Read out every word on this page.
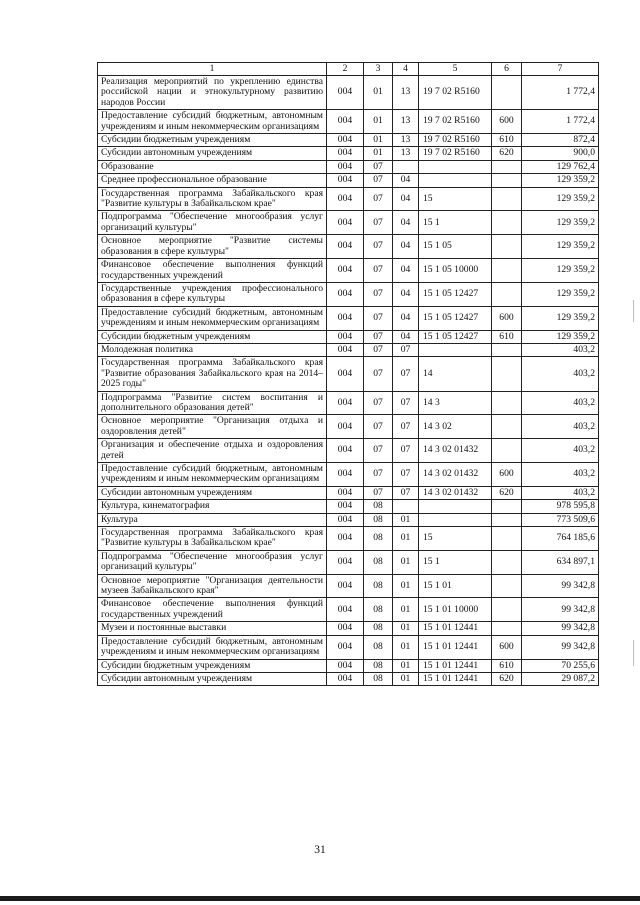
1	2	3	4	5	6	7
Реализация мероприятий по укреплению единства российской нации и этнокультурному развитию народов России	004	01	13	19 7 02 R5160		1 772,4
Предоставление субсидий бюджетным, автономным учреждениям и иным некоммерческим организациям	004	01	13	19 7 02 R5160	600	1 772,4
Субсидии бюджетным учреждениям	004	01	13	19 7 02 R5160	610	872,4
Субсидии автономным учреждениям	004	01	13	19 7 02 R5160	620	900,0
Образование	004	07				129 762,4
Среднее профессиональное образование	004	07	04			129 359,2
Государственная программа Забайкальского края "Развитие культуры в Забайкальском крае"	004	07	04	15		129 359,2
Подпрограмма "Обеспечение многообразия услуг организаций культуры"	004	07	04	15 1		129 359,2
Основное мероприятие "Развитие системы образования в сфере культуры"	004	07	04	15 1 05		129 359,2
Финансовое обеспечение выполнения функций государственных учреждений	004	07	04	15 1 05 10000		129 359,2
Государственные учреждения профессионального образования в сфере культуры	004	07	04	15 1 05 12427		129 359,2
Предоставление субсидий бюджетным, автономным учреждениям и иным некоммерческим организациям	004	07	04	15 1 05 12427	600	129 359,2
Субсидии бюджетным учреждениям	004	07	04	15 1 05 12427	610	129 359,2
Молодежная политика	004	07	07			403,2
Государственная программа Забайкальского края "Развитие образования Забайкальского края на 2014–2025 годы"	004	07	07	14		403,2
Подпрограмма "Развитие систем воспитания и дополнительного образования детей"	004	07	07	14 3		403,2
Основное мероприятие "Организация отдыха и оздоровления детей"	004	07	07	14 3 02		403,2
Организация и обеспечение отдыха и оздоровления детей	004	07	07	14 3 02 01432		403,2
Предоставление субсидий бюджетным, автономным учреждениям и иным некоммерческим организациям	004	07	07	14 3 02 01432	600	403,2
Субсидии автономным учреждениям	004	07	07	14 3 02 01432	620	403,2
Культура, кинематография	004	08				978 595,8
Культура	004	08	01			773 509,6
Государственная программа Забайкальского края "Развитие культуры в Забайкальском крае"	004	08	01	15		764 185,6
Подпрограмма "Обеспечение многообразия услуг организаций культуры"	004	08	01	15 1		634 897,1
Основное мероприятие "Организация деятельности музеев Забайкальского края"	004	08	01	15 1 01		99 342,8
Финансовое обеспечение выполнения функций государственных учреждений	004	08	01	15 1 01 10000		99 342,8
Музеи и постоянные выставки	004	08	01	15 1 01 12441		99 342,8
Предоставление субсидий бюджетным, автономным учреждениям и иным некоммерческим организациям	004	08	01	15 1 01 12441	600	99 342,8
Субсидии бюджетным учреждениям	004	08	01	15 1 01 12441	610	70 255,6
Субсидии автономным учреждениям	004	08	01	15 1 01 12441	620	29 087,2
31
